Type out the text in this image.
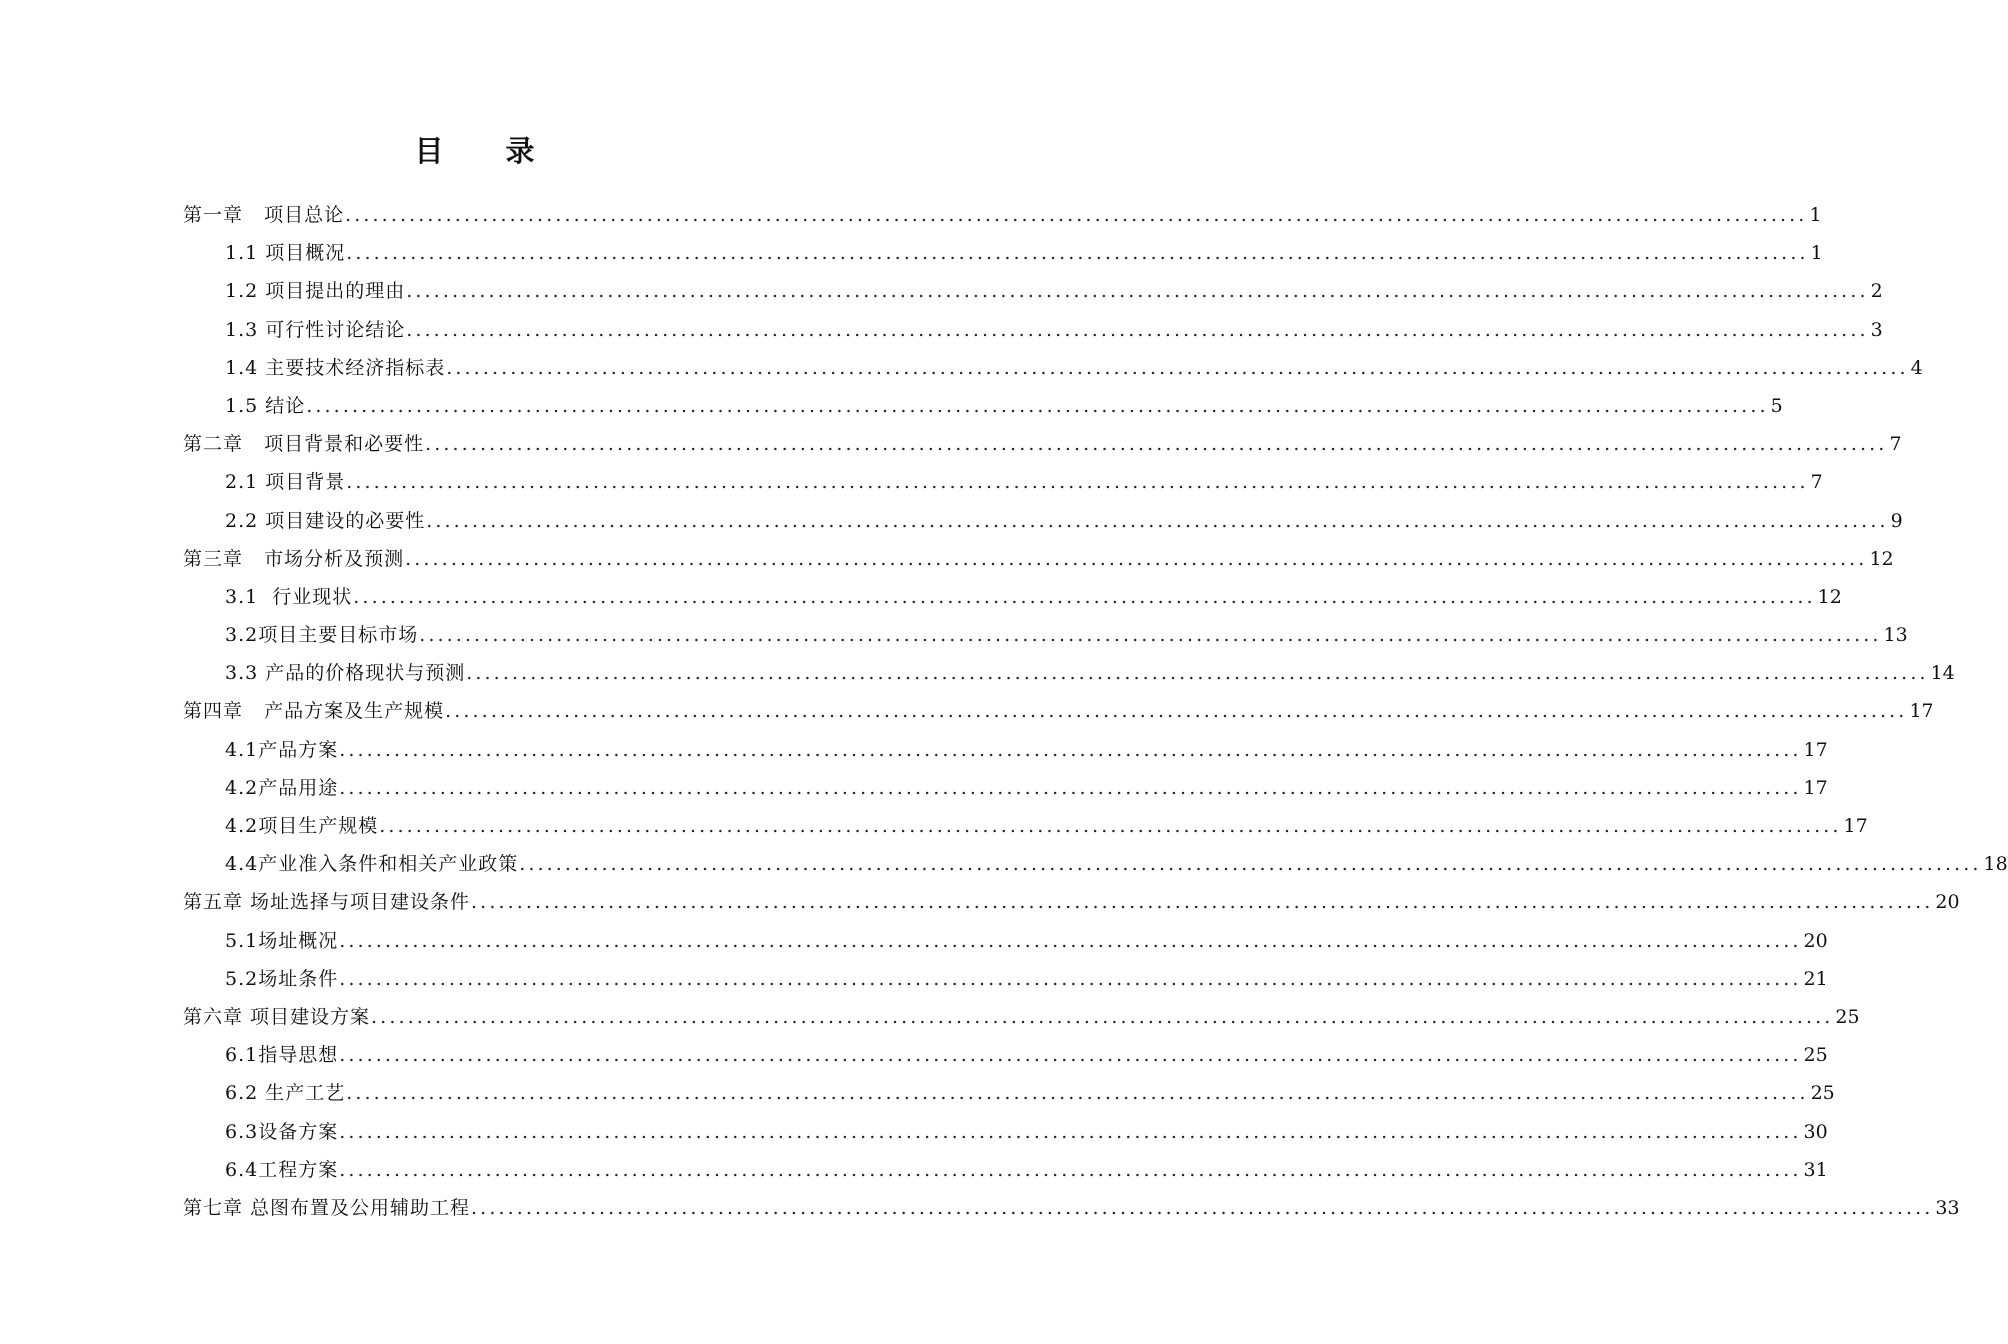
目 录
第一章   项目总论 ................................................................................................................................................................ 1
1.1 项目概况 ................................................................................................................................................................ 1
1.2 项目提出的理由 ................................................................................................................................................................ 2
1.3 可行性讨论结论 ................................................................................................................................................................ 3
1.4 主要技术经济指标表 ................................................................................................................................................................ 4
1.5 结论 ................................................................................................................................................................ 5
第二章   项目背景和必要性 ................................................................................................................................................................ 7
2.1 项目背景 ................................................................................................................................................................ 7
2.2 项目建设的必要性 ................................................................................................................................................................ 9
第三章   市场分析及预测 ................................................................................................................................................................ 12
3.1  行业现状 ................................................................................................................................................................ 12
3.2项目主要目标市场 ................................................................................................................................................................ 13
3.3 产品的价格现状与预测 ................................................................................................................................................................ 14
第四章   产品方案及生产规模 ................................................................................................................................................................ 17
4.1产品方案 ................................................................................................................................................................ 17
4.2产品用途 ................................................................................................................................................................ 17
4.2项目生产规模 ................................................................................................................................................................ 17
4.4产业准入条件和相关产业政策 ................................................................................................................................................................ 18
第五章 场址选择与项目建设条件 ................................................................................................................................................................ 20
5.1场址概况 ................................................................................................................................................................ 20
5.2场址条件 ................................................................................................................................................................ 21
第六章 项目建设方案 ................................................................................................................................................................ 25
6.1指导思想 ................................................................................................................................................................ 25
6.2 生产工艺 ................................................................................................................................................................ 25
6.3设备方案 ................................................................................................................................................................ 30
6.4工程方案 ................................................................................................................................................................ 31
第七章 总图布置及公用辅助工程 ................................................................................................................................................................ 33
